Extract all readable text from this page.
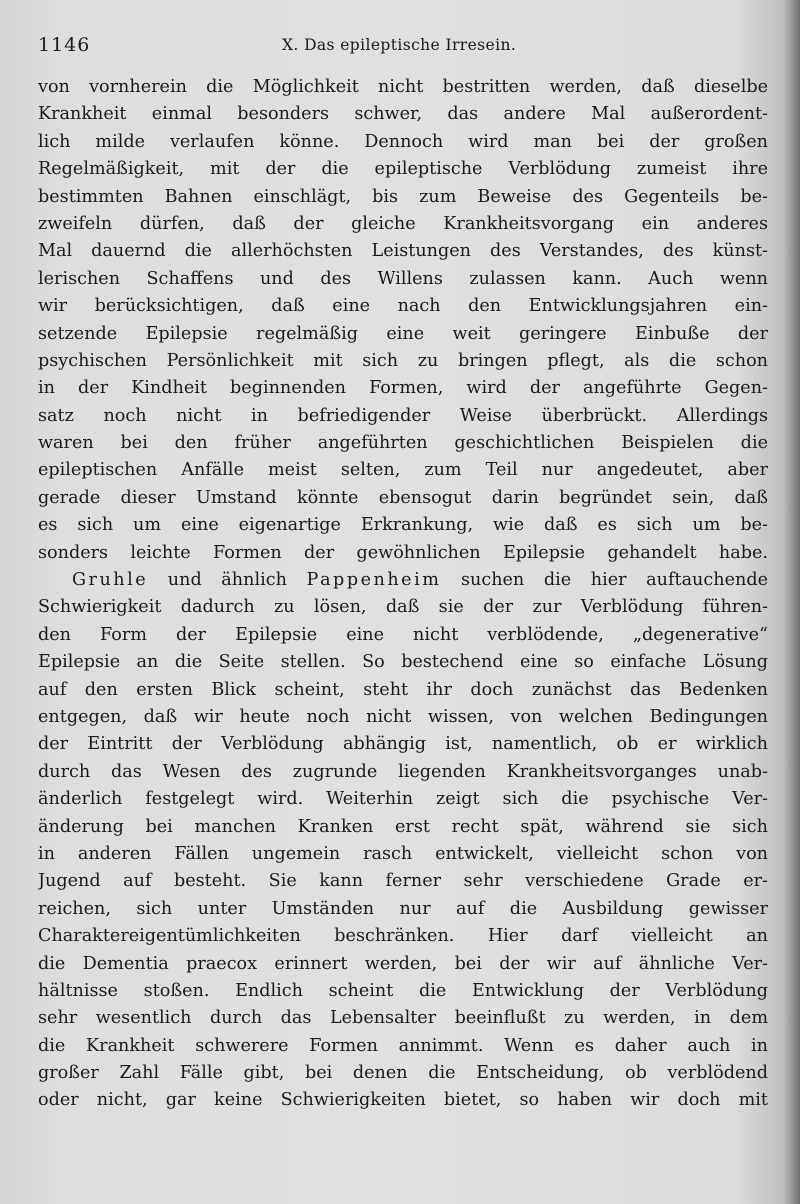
1146	X. Das epileptische Irresein.
von vornherein die Möglichkeit nicht bestritten werden, daß dieselbe
Krankheit einmal besonders schwer, das andere Mal außerordent-
lich milde verlaufen könne. Dennoch wird man bei der großen
Regelmäßigkeit, mit der die epileptische Verblödung zumeist ihre
bestimmten Bahnen einschlägt, bis zum Beweise des Gegenteils be-
zweifeln dürfen, daß der gleiche Krankheitsvorgang ein anderes
Mal dauernd die allerhöchsten Leistungen des Verstandes, des künst-
lerischen Schaffens und des Willens zulassen kann. Auch wenn
wir berücksichtigen, daß eine nach den Entwicklungsjahren ein-
setzende Epilepsie regelmäßig eine weit geringere Einbuße der
psychischen Persönlichkeit mit sich zu bringen pflegt, als die schon
in der Kindheit beginnenden Formen, wird der angeführte Gegen-
satz noch nicht in befriedigender Weise überbrückt. Allerdings
waren bei den früher angeführten geschichtlichen Beispielen die
epileptischen Anfälle meist selten, zum Teil nur angedeutet, aber
gerade dieser Umstand könnte ebensogut darin begründet sein, daß
es sich um eine eigenartige Erkrankung, wie daß es sich um be-
sonders leichte Formen der gewöhnlichen Epilepsie gehandelt habe.
Gruhle und ähnlich Pappenheim suchen die hier auftauchende
Schwierigkeit dadurch zu lösen, daß sie der zur Verblödung führen-
den Form der Epilepsie eine nicht verblödende, „degenerative“
Epilepsie an die Seite stellen. So bestechend eine so einfache Lösung
auf den ersten Blick scheint, steht ihr doch zunächst das Bedenken
entgegen, daß wir heute noch nicht wissen, von welchen Bedingungen
der Eintritt der Verblödung abhängig ist, namentlich, ob er wirklich
durch das Wesen des zugrunde liegenden Krankheitsvorganges unab-
änderlich festgelegt wird. Weiterhin zeigt sich die psychische Ver-
änderung bei manchen Kranken erst recht spät, während sie sich
in anderen Fällen ungemein rasch entwickelt, vielleicht schon von
Jugend auf besteht. Sie kann ferner sehr verschiedene Grade er-
reichen, sich unter Umständen nur auf die Ausbildung gewisser
Charaktereigentümlichkeiten beschränken. Hier darf vielleicht an
die Dementia praecox erinnert werden, bei der wir auf ähnliche Ver-
hältnisse stoßen. Endlich scheint die Entwicklung der Verblödung
sehr wesentlich durch das Lebensalter beeinflußt zu werden, in dem
die Krankheit schwerere Formen annimmt. Wenn es daher auch in
großer Zahl Fälle gibt, bei denen die Entscheidung, ob verblödend
oder nicht, gar keine Schwierigkeiten bietet, so haben wir doch mit
